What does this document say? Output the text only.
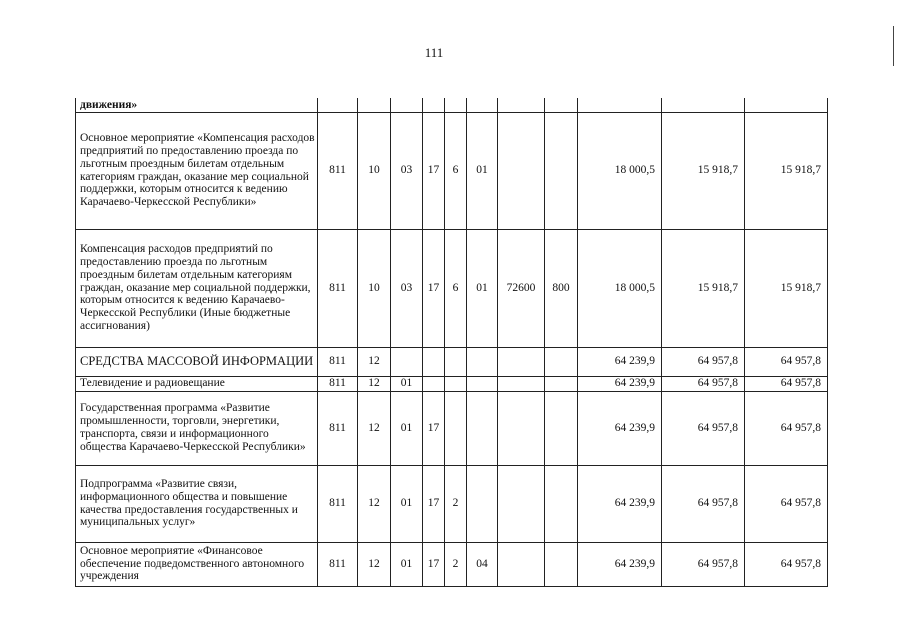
111
движения»											
Основное мероприятие «Компенсация расходов предприятий по предоставлению проезда по льготным проездным билетам отдельным категориям граждан, оказание мер социальной поддержки, которым относится к ведению Карачаево-Черкесской Республики»	811	10	03	17	6	01			18 000,5	15 918,7	15 918,7
Компенсация расходов предприятий по предоставлению проезда по льготным проездным билетам отдельным категориям граждан, оказание мер социальной поддержки, которым относится к ведению Карачаево-Черкесской Республики (Иные бюджетные ассигнования)	811	10	03	17	6	01	72600	800	18 000,5	15 918,7	15 918,7
СРЕДСТВА МАССОВОЙ ИНФОРМАЦИИ	811	12							64 239,9	64 957,8	64 957,8
Телевидение и радиовещание	811	12	01						64 239,9	64 957,8	64 957,8
Государственная программа «Развитие промышленности, торговли, энергетики, транспорта, связи и информационного общества Карачаево-Черкесской Республики»	811	12	01	17					64 239,9	64 957,8	64 957,8
Подпрограмма «Развитие связи, информационного общества и повышение качества предоставления государственных и муниципальных услуг»	811	12	01	17	2				64 239,9	64 957,8	64 957,8
Основное мероприятие «Финансовое обеспечение подведомственного автономного учреждения	811	12	01	17	2	04			64 239,9	64 957,8	64 957,8
